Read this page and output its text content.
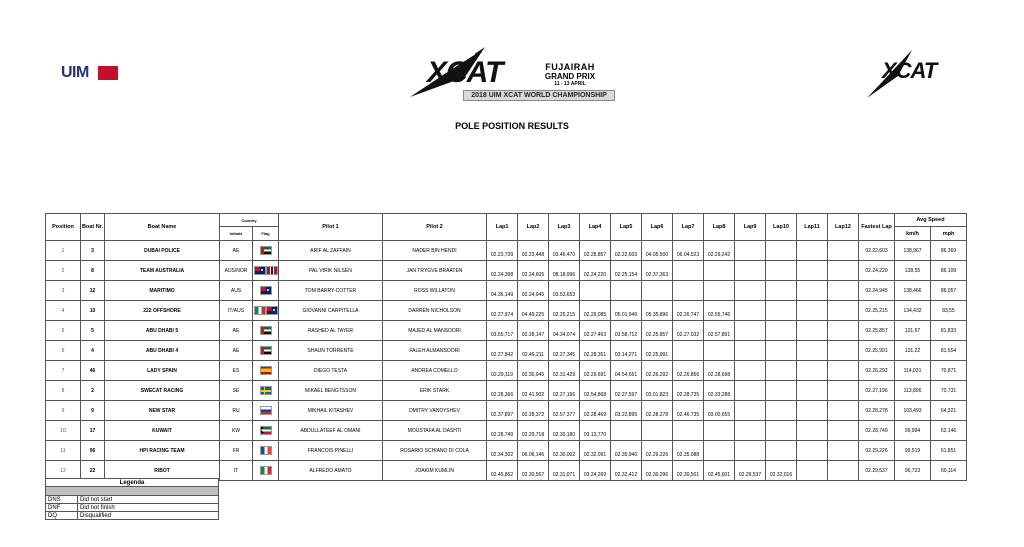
UIM	XCAT	FUJAIRAH
GRAND PRIX
11 - 13 APRIL
2018 UIM XCAT WORLD CHAMPIONSHIP
XCAT
POLE POSITION RESULTS
Position	Boat Nr.	Boat Name	Country		Pilot 1	Pilot 2	Lap1	Lap2	Lap3	Lap4	Lap5	Lap6	Lap7	Lap8	Lap9	Lap10	Lap11	Lap12	Fastest Lap	Avg Speed	
			Initials	Flag																km/h	mph
1	3	DUBAI POLICE	AE		ARIF AL ZAFFAIN	NADER BIN HENDI	02.23,739	02.23,448	03.46,470	02.28,857	02.22,603	04.05,500	06.04,523	02.29,242					02.22,603	138,967	86,369
2	8	TEAM AUSTRALIA	AUS/NOR		PAL VIRIK NILSEN	JAN TRYGVE BRAATEN	02.24,398	02.24,605	08.18,996	02.24,220	02.25,154	02.37,363							02.24,220	138,55	86,109
3	12	MARITIMO	AUS		TOM BARRY-COTTER	ROSS WILLATON	04.36,149	02.24,945	03.53,653										02.24,945	138,466	86,057
4	10	222 OFFSHORE	IT/AUS		GIOVANNI CARPITELLA	DARREN NICHOLSON	02.27,974	04.49,225	02.25,215	02.29,085	05.01,949	05.35,896	02.26,747	02.55,746					02.25,215	134,432	83,55
5	5	ABU DHABI 5	AE		RASHED AL TAYER	MAJED AL MANSOORI	03.55,717	02.28,147	04.34,074	02.27,463	03.58,712	02.25,857	02.27,032	02.57,891					02.25,857	131,67	81,833
6	4	ABU DHABI 4	AE		SHAUN TORRENTE	FALEH ALMANSOORI	02.27,842	02.49,211	02.27,345	02.28,351	03.14,271	02.25,991							02.25,991	131,22	81,554
7	46	LADY SPAIN	ES		DIEGO TESTA	ANDREA COMELLO	02.29,119	02.30,945	02.31,429	02.29,691	04.54,651	02.26,292	02.26,856	02.28,698					02.26,292	114,031	70,871
8	2	SWECAT RACING	SE		MIKAEL BENGTSSON	ERIK STARK	02.28,366	02.41,902	02.27,196	02.54,868	02.27,597	03.01,823	02.28,735	02.33,288					02.27,196	113,806	70,731
9	9	NEW STAR	RU		MIKHAIL KITASHEV	DMITRY VANDYSHEV	02.37,897	02.28,372	02.57,377	02.28,469	03.22,895	02.28,278	02.46,735	03.00,655					02.28,278	103,493	64,321
10	17	KUWAIT	KW		ABDULLATEEF AL OMANI	MOUSTAFA AL DASHTI	02.28,749	02.29,718	02.30,180	03.13,770									02.28,749	99,994	62,146
11	96	HPI RACING TEAM	FR		FRANCOIS PINELLI	ROSARIO SCHIANO DI COLA	02.34,302	06.06,146	02.30,002	02.32,091	02.35,940	02.29,226	02.35,088						02.29,226	99,519	61,851
12	22	RIBOT	IT		ALFREDO AMATO	JOAKIM KUMLIN	02.45,862	02.30,567	02.31,071	03.24,269	02.32,412	02.30,296	02.30,501	02.45,601	02.29,537	02.32,016			02.29,537	96,723	60,114
Legenda	

DNS	Did not start
DNF	Did not finish
DQ	Disqualified
